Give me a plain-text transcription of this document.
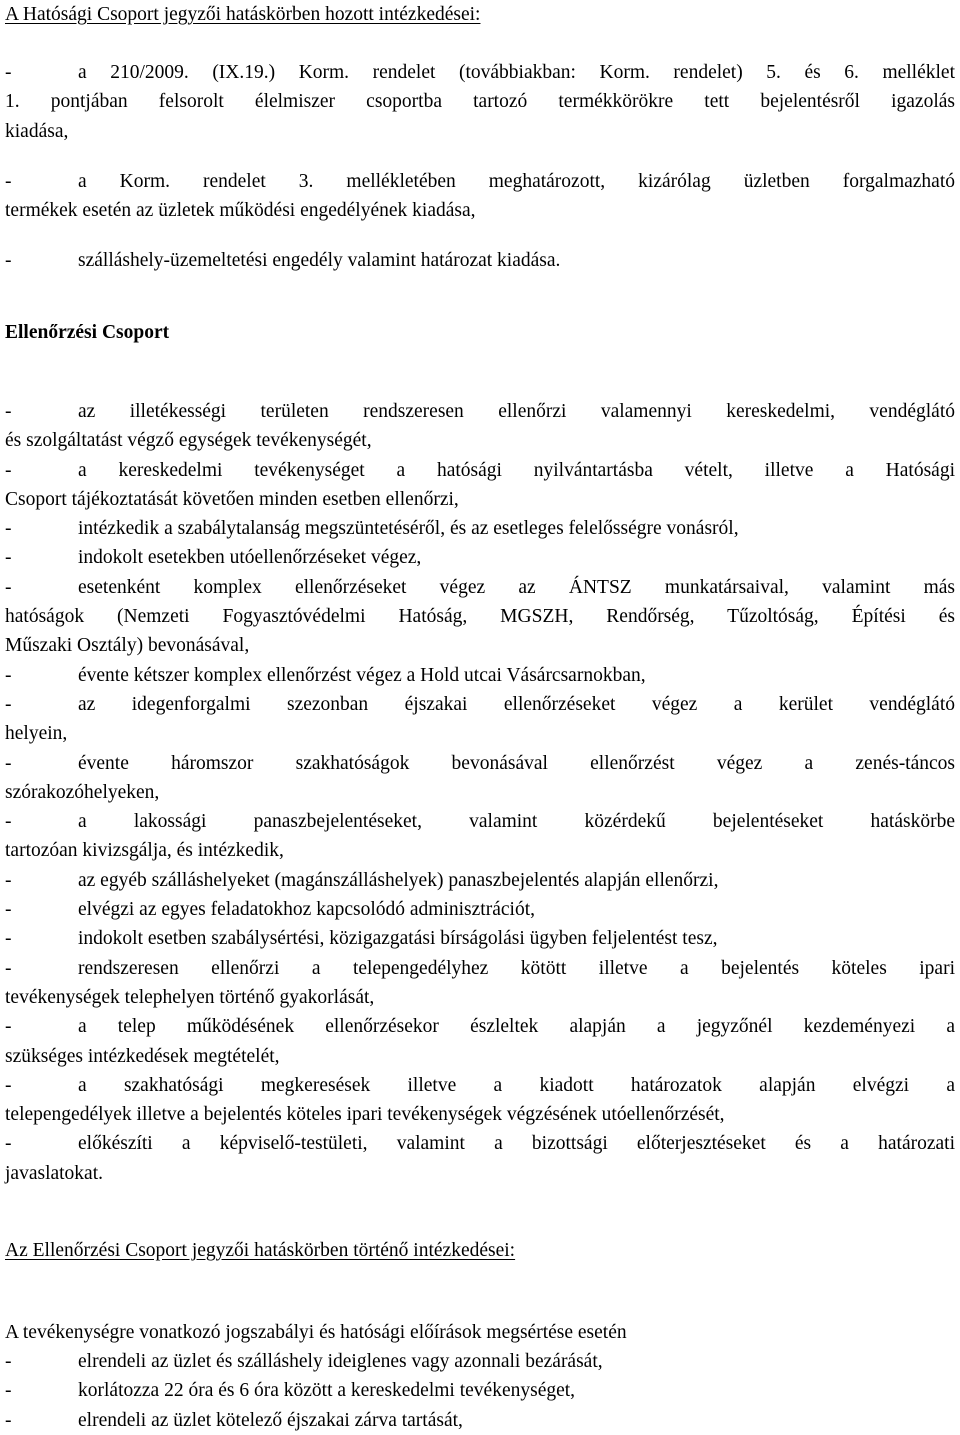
A Hatósági Csoport jegyzői hatáskörben hozott intézkedései:
-	a 210/2009. (IX.19.) Korm. rendelet (továbbiakban: Korm. rendelet) 5. és 6. melléklet
1. pontjában felsorolt élelmiszer csoportba tartozó termékkörökre tett bejelentésről igazolás
kiadása,
-	a Korm. rendelet 3. mellékletében meghatározott, kizárólag üzletben forgalmazható
termékek esetén az üzletek működési engedélyének kiadása,
-	szálláshely-üzemeltetési engedély valamint határozat kiadása.
Ellenőrzési Csoport
-	az illetékességi területen rendszeresen ellenőrzi valamennyi kereskedelmi, vendéglátó
és szolgáltatást végző egységek tevékenységét,
-	a kereskedelmi tevékenységet a hatósági nyilvántartásba vételt, illetve a Hatósági
Csoport tájékoztatását követően minden esetben ellenőrzi,
-	intézkedik a szabálytalanság megszüntetéséről, és az esetleges felelősségre vonásról,
-	indokolt esetekben utóellenőrzéseket végez,
-	esetenként komplex ellenőrzéseket végez az ÁNTSZ munkatársaival, valamint más
hatóságok (Nemzeti Fogyasztóvédelmi Hatóság, MGSZH, Rendőrség, Tűzoltóság, Építési és
Műszaki Osztály) bevonásával,
-	évente kétszer komplex ellenőrzést végez a Hold utcai Vásárcsarnokban,
-	az idegenforgalmi szezonban éjszakai ellenőrzéseket végez a kerület vendéglátó
helyein,
-	évente háromszor szakhatóságok bevonásával ellenőrzést végez a zenés-táncos
szórakozóhelyeken,
-	a lakossági panaszbejelentéseket, valamint közérdekű bejelentéseket hatáskörbe
tartozóan kivizsgálja, és intézkedik,
-	az egyéb szálláshelyeket (magánszálláshelyek) panaszbejelentés alapján ellenőrzi,
-	elvégzi az egyes feladatokhoz kapcsolódó adminisztrációt,
-	indokolt esetben szabálysértési, közigazgatási bírságolási ügyben feljelentést tesz,
-	rendszeresen ellenőrzi a telepengedélyhez kötött illetve a bejelentés köteles ipari
tevékenységek telephelyen történő gyakorlását,
-	a telep működésének ellenőrzésekor észleltek alapján a jegyzőnél kezdeményezi a
szükséges intézkedések megtételét,
-	a szakhatósági megkeresések illetve a kiadott határozatok alapján elvégzi a
telepengedélyek illetve a bejelentés köteles ipari tevékenységek végzésének utóellenőrzését,
-	előkészíti a képviselő-testületi, valamint a bizottsági előterjesztéseket és a határozati
javaslatokat.
Az Ellenőrzési Csoport jegyzői hatáskörben történő intézkedései:
A tevékenységre vonatkozó jogszabályi és hatósági előírások megsértése esetén
-	elrendeli az üzlet és szálláshely ideiglenes vagy azonnali bezárását,
-	korlátozza 22 óra és 6 óra között a kereskedelmi tevékenységet,
-	elrendeli az üzlet kötelező éjszakai zárva tartását,
